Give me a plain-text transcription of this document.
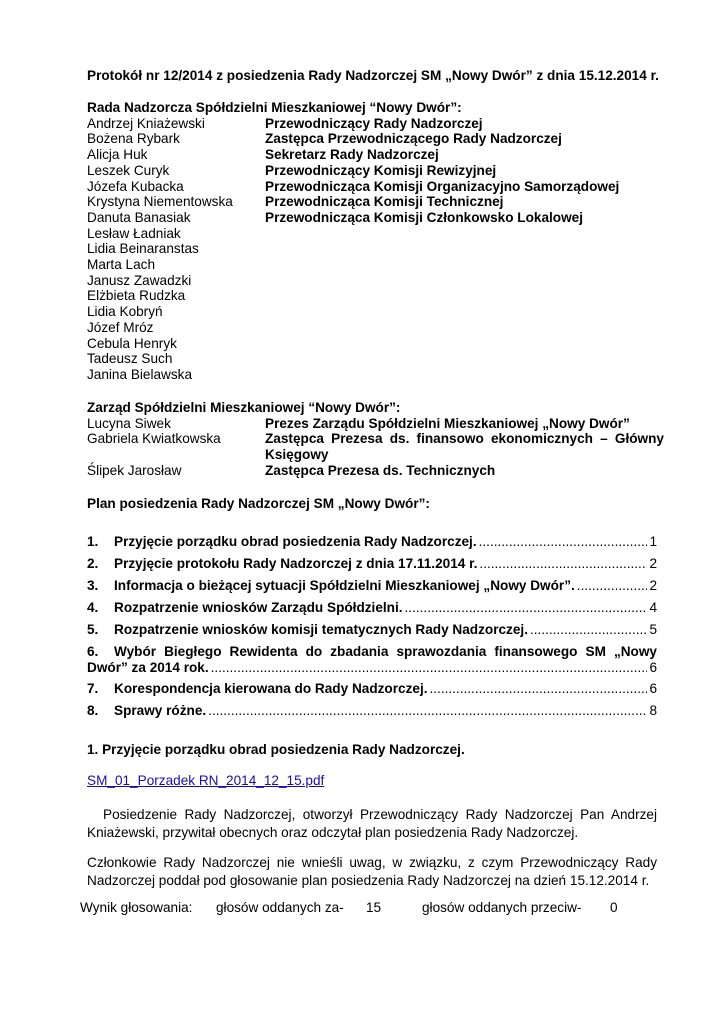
Protokół nr 12/2014 z posiedzenia Rady Nadzorczej SM „Nowy Dwór” z dnia 15.12.2014 r.
Rada Nadzorcza Spółdzielni Mieszkaniowej “Nowy Dwór”:
Andrzej Kniażewski	Przewodniczący Rady Nadzorczej
Bożena Rybark	Zastępca Przewodniczącego Rady Nadzorczej
Alicja Huk	Sekretarz Rady Nadzorczej
Leszek Curyk	Przewodniczący Komisji Rewizyjnej
Józefa Kubacka	Przewodnicząca Komisji Organizacyjno Samorządowej
Krystyna Niementowska	Przewodnicząca Komisji Technicznej
Danuta Banasiak	Przewodnicząca Komisji Członkowsko Lokalowej
Lesław Ładniak
Lidia Beinaranstas
Marta Lach
Janusz Zawadzki
Elżbieta Rudzka
Lidia Kobryń
Józef Mróz
Cebula Henryk
Tadeusz Such
Janina Bielawska
Zarząd Spółdzielni Mieszkaniowej “Nowy Dwór”:
Lucyna Siwek	Prezes Zarządu Spółdzielni Mieszkaniowej „Nowy Dwór”
Gabriela Kwiatkowska	Zastępca Prezesa ds. finansowo ekonomicznych – Główny Księgowy
Ślipek Jarosław	Zastępca Prezesa ds. Technicznych
Plan posiedzenia Rady Nadzorczej SM „Nowy Dwór”:
1.	Przyjęcie porządku obrad posiedzenia Rady Nadzorczej. .....	1
2.	Przyjęcie protokołu Rady Nadzorczej z dnia 17.11.2014 r. .....	2
3.	Informacja o bieżącej sytuacji Spółdzielni Mieszkaniowej „Nowy Dwór”. .....	2
4.	Rozpatrzenie wniosków Zarządu Spółdzielni. .....	4
5.	Rozpatrzenie wniosków komisji tematycznych Rady Nadzorczej. .....	5
6.	Wybór Biegłego Rewidenta do zbadania sprawozdania finansowego SM „Nowy
Dwór” za 2014 rok. .....	6
7.	Korespondencja kierowana do Rady Nadzorczej. .....	6
8.	Sprawy różne. .....	8
1. Przyjęcie porządku obrad posiedzenia Rady Nadzorczej.
SM_01_Porzadek RN_2014_12_15.pdf
Posiedzenie Rady Nadzorczej, otworzył Przewodniczący Rady Nadzorczej Pan Andrzej Kniażewski, przywitał obecnych oraz odczytał plan posiedzenia Rady Nadzorczej.
Członkowie Rady Nadzorczej nie wnieśli uwag, w związku, z czym Przewodniczący Rady Nadzorczej poddał pod głosowanie plan posiedzenia Rady Nadzorczej na dzień 15.12.2014 r.
Wynik głosowania: głosów oddanych za- 15	głosów oddanych przeciw- 0
